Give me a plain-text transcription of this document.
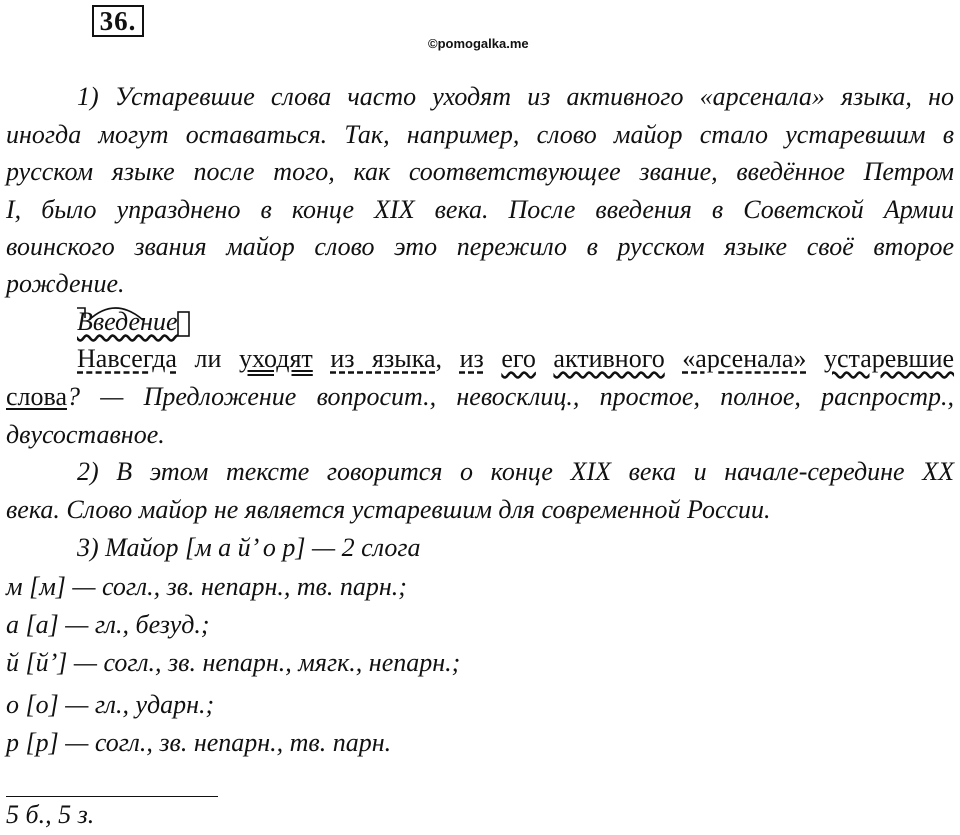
36.
©pomogalka.me
1) Устаревшие слова часто уходят из активного «арсенала» языка, но
иногда могут оставаться. Так, например, слово майор стало устаревшим в
русском языке после того, как соответствующее звание, введённое Петром
I, было упразднено в конце XIX века. После введения в Советской Армии
воинского звания майор слово это пережило в русском языке своё второе
рождение.
Введение
Навсегда ли уходят из языка, из его активного «арсенала» устаревшие
слова? — Предложение вопросит., невосклиц., простое, полное, распростр.,
двусоставное.
2) В этом тексте говорится о конце XIX века и начале-середине XX
века. Слово майор не является устаревшим для современной России.
3) Майор [м а й’ о р] — 2 слога
м [м] — согл., зв. непарн., тв. парн.;
а [а] — гл., безуд.;
й [й’] — согл., зв. непарн., мягк., непарн.;
о [о] — гл., ударн.;
р [р] — согл., зв. непарн., тв. парн.
5 б., 5 з.
